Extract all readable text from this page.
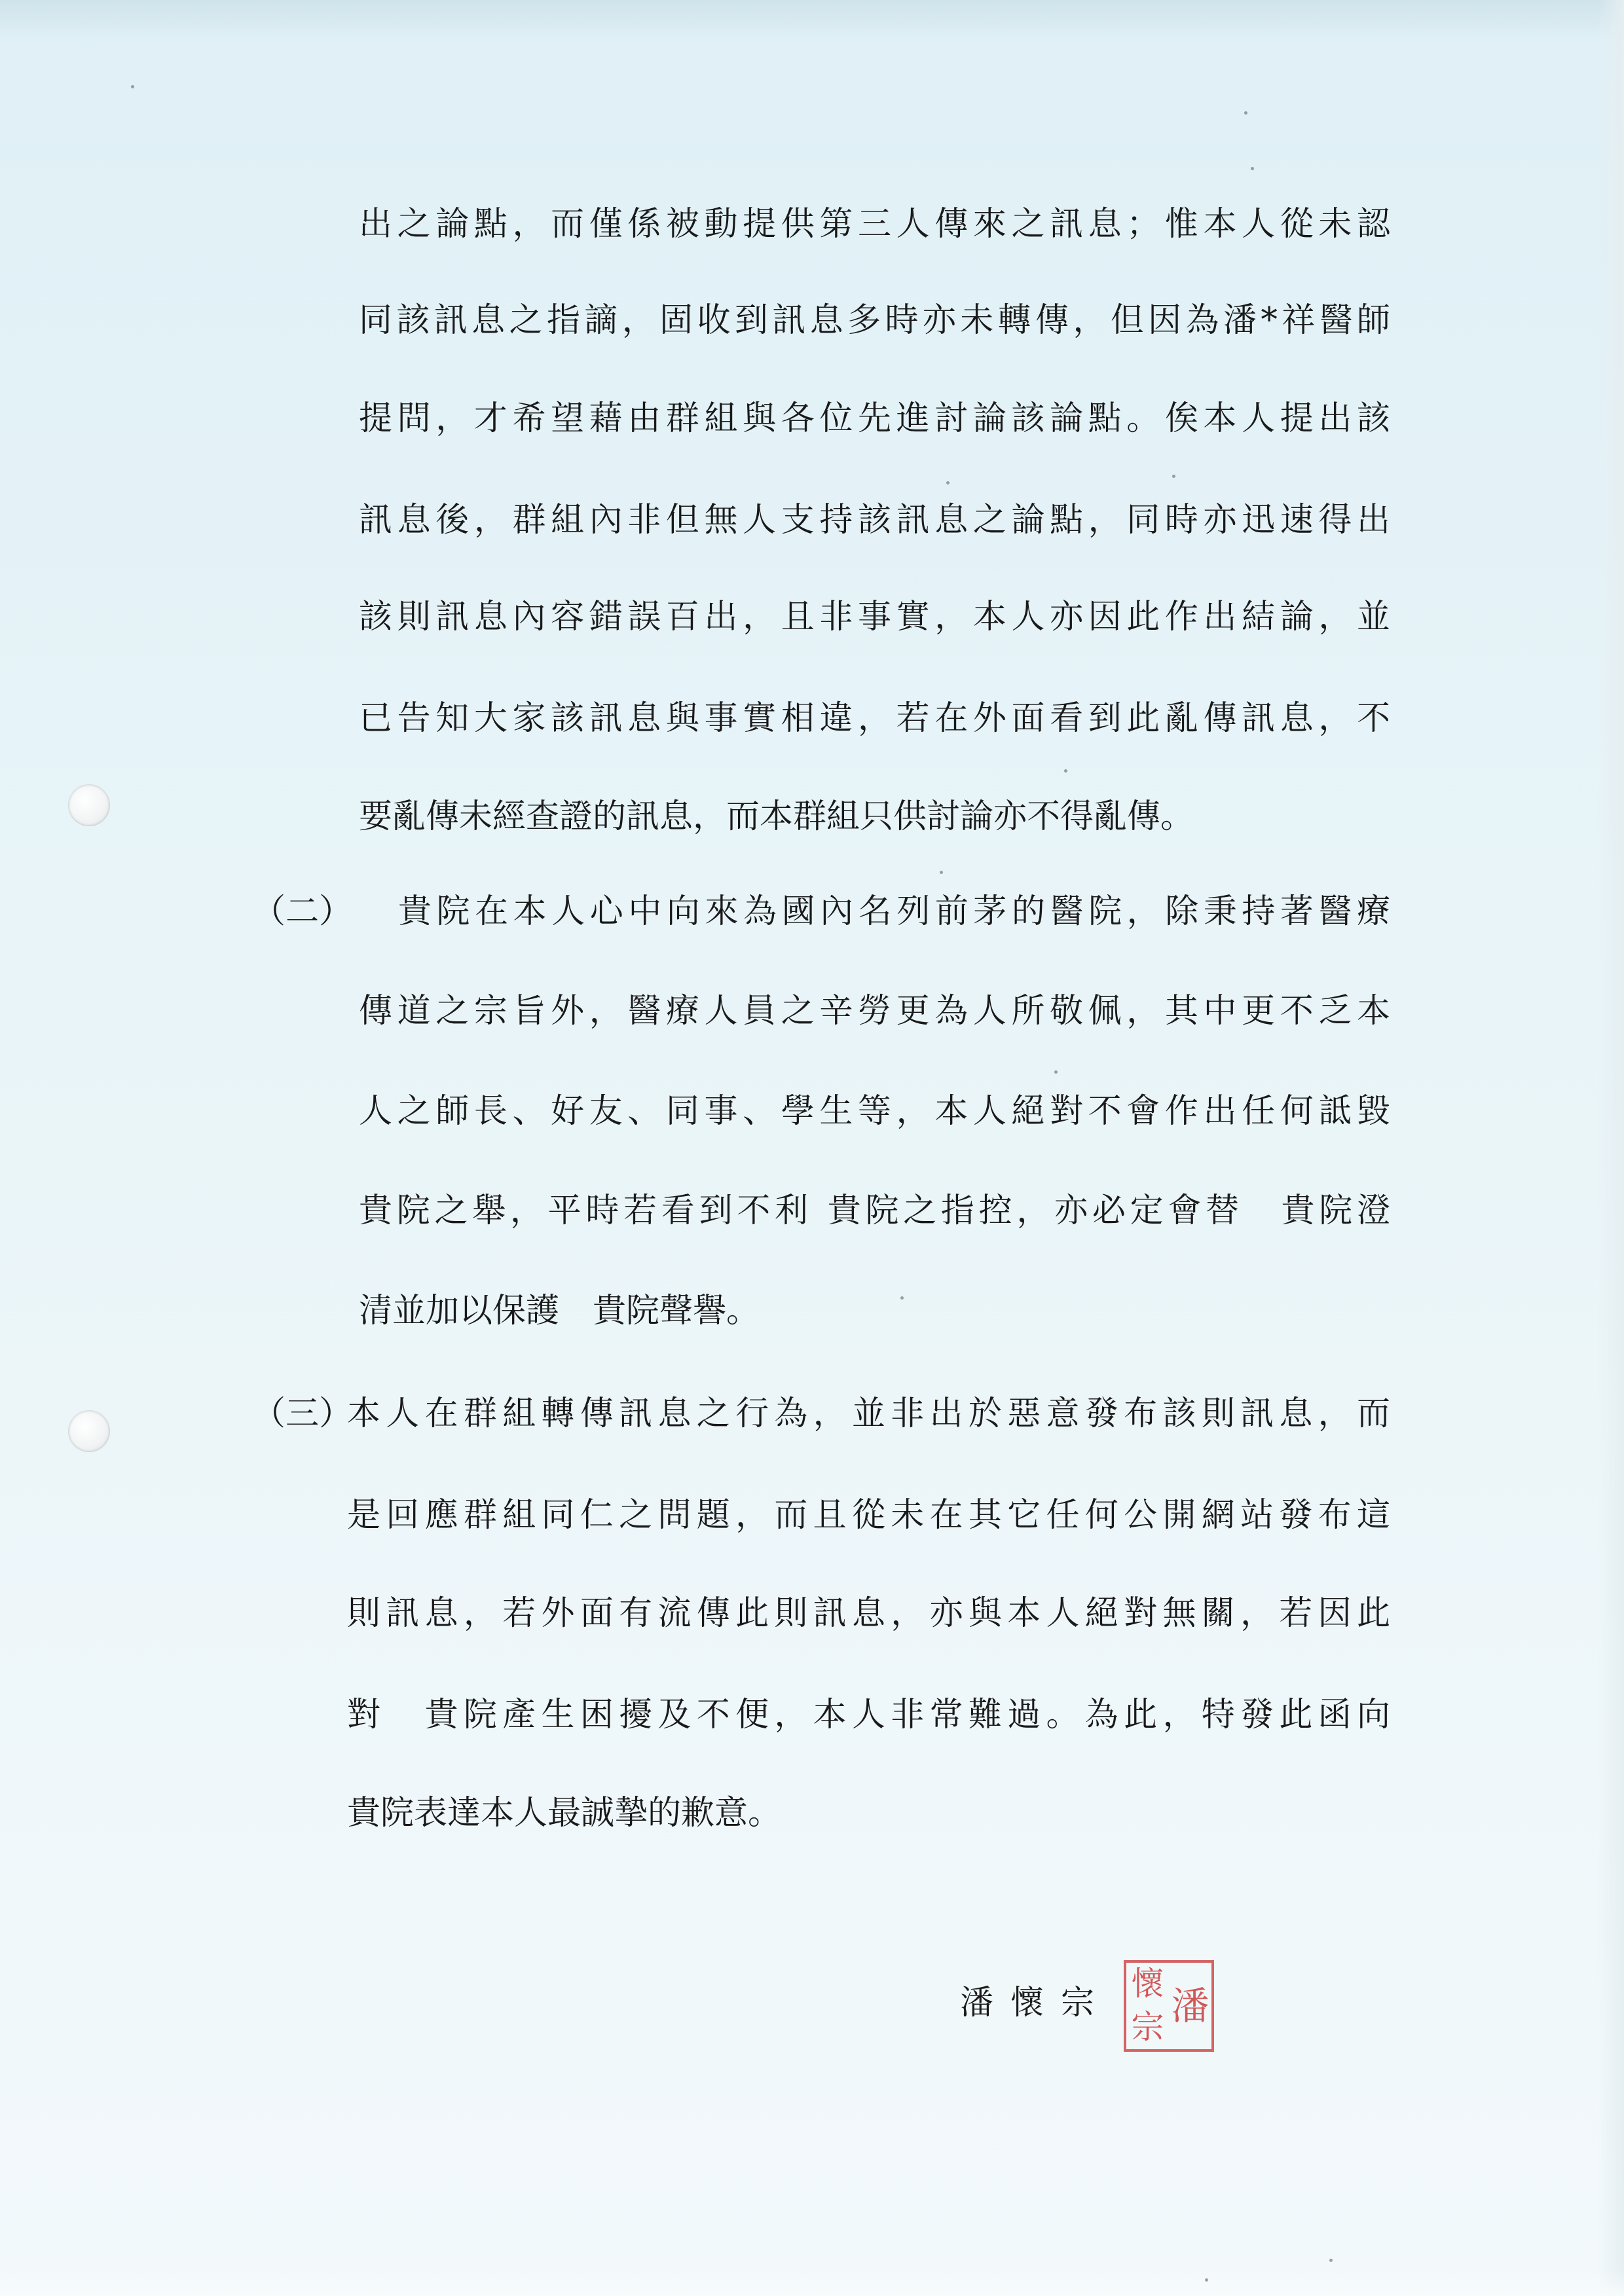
出之論點，而僅係被動提供第三人傳來之訊息；惟本人從未認
同該訊息之指謫，固收到訊息多時亦未轉傳，但因為潘*祥醫師
提問，才希望藉由群組與各位先進討論該論點。俟本人提出該
訊息後，群組內非但無人支持該訊息之論點，同時亦迅速得出
該則訊息內容錯誤百出，且非事實，本人亦因此作出結論，並
已告知大家該訊息與事實相違，若在外面看到此亂傳訊息，不
要亂傳未經查證的訊息，而本群組只供討論亦不得亂傳。
（二） 貴院在本人心中向來為國內名列前茅的醫院，除秉持著醫療
傳道之宗旨外，醫療人員之辛勞更為人所敬佩，其中更不乏本
人之師長、好友、同事、學生等，本人絕對不會作出任何詆毀
貴院之舉，平時若看到不利 貴院之指控，亦必定會替　貴院澄
清並加以保護　貴院聲譽。
（三）
本人在群組轉傳訊息之行為，並非出於惡意發布該則訊息，而
是回應群組同仁之問題，而且從未在其它任何公開網站發布這
則訊息，若外面有流傳此則訊息，亦與本人絕對無關，若因此
對　貴院產生困擾及不便，本人非常難過。為此，特發此函向
貴院表達本人最誠摯的歉意。
潘懷宗 潘
懷
宗
